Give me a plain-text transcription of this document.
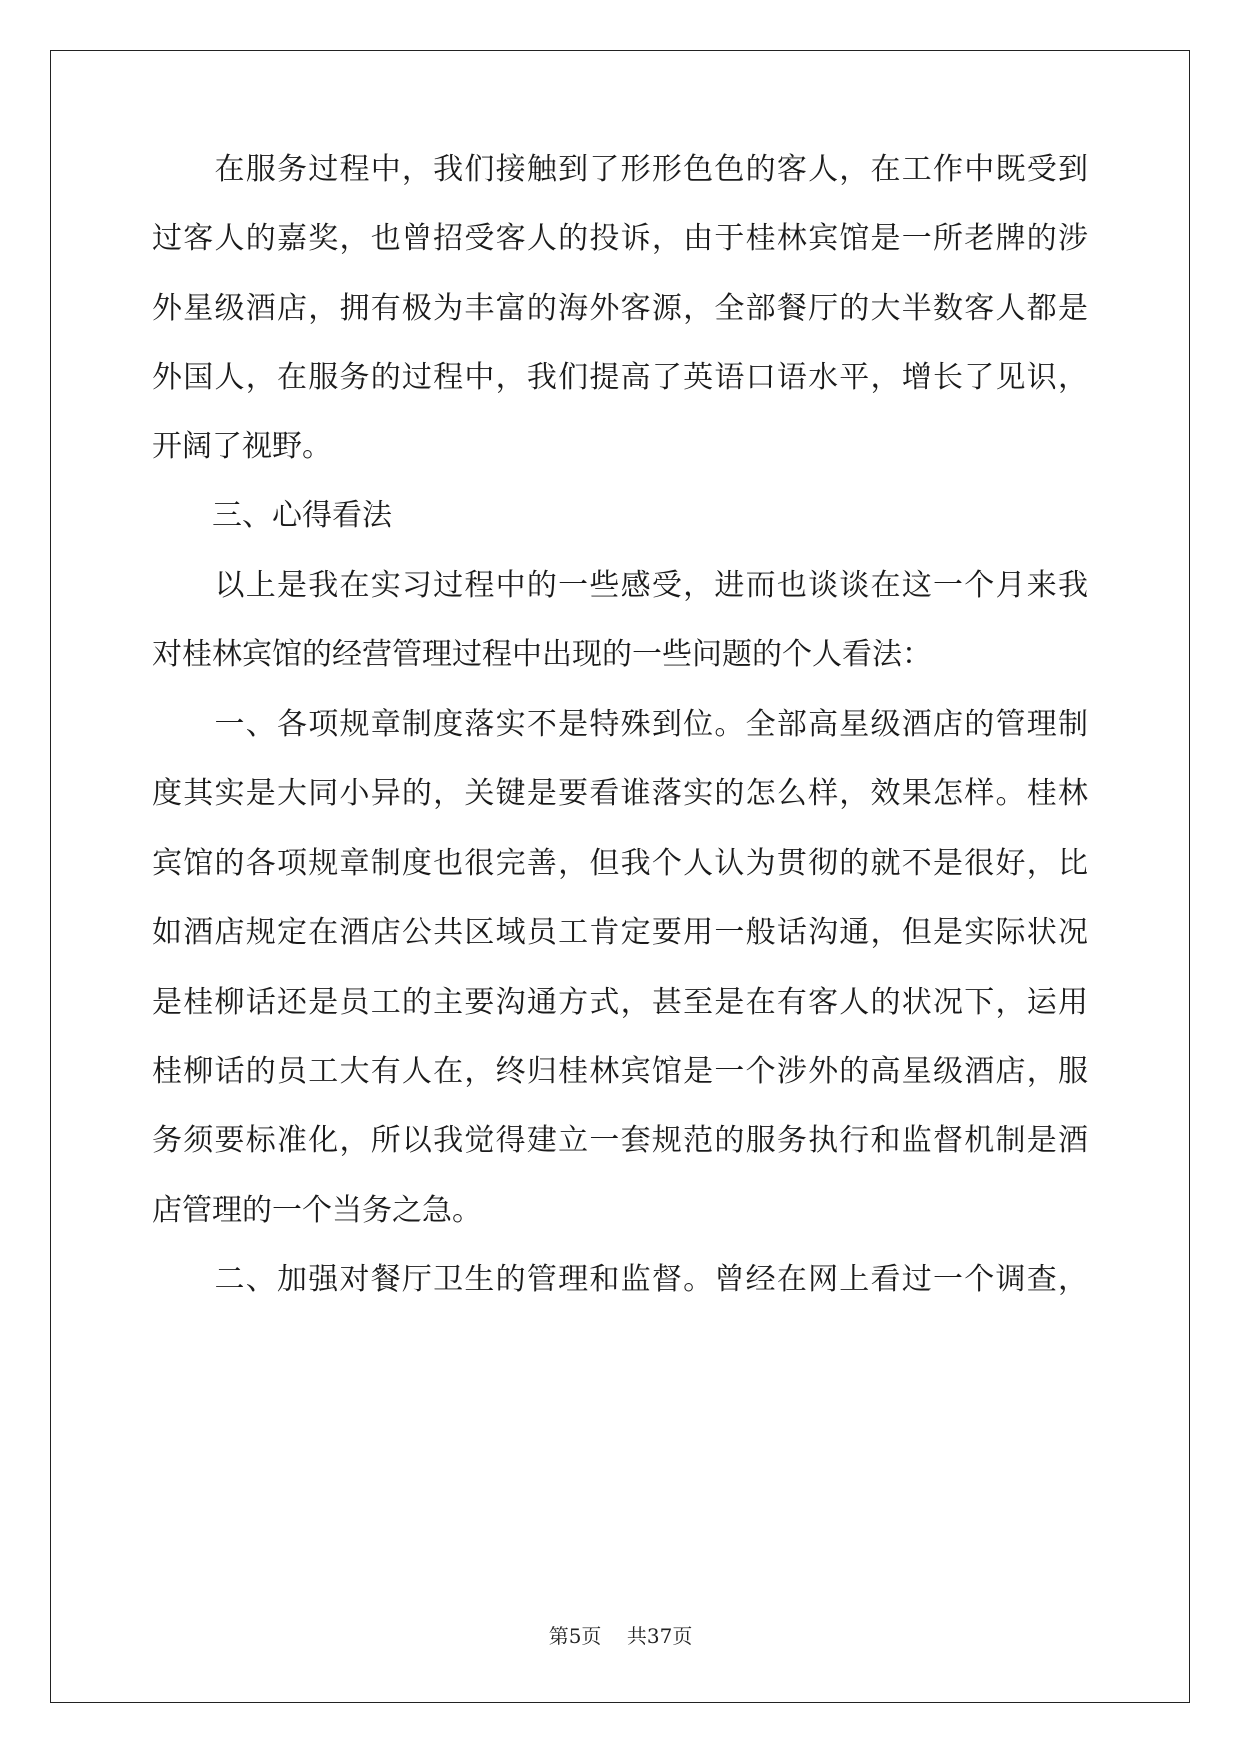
　　在服务过程中，我们接触到了形形色色的客人，在工作中既受到
过客人的嘉奖，也曾招受客人的投诉，由于桂林宾馆是一所老牌的涉
外星级酒店，拥有极为丰富的海外客源，全部餐厅的大半数客人都是
外国人，在服务的过程中，我们提高了英语口语水平，增长了见识，
开阔了视野。
　　三、心得看法
　　以上是我在实习过程中的一些感受，进而也谈谈在这一个月来我
对桂林宾馆的经营管理过程中出现的一些问题的个人看法：
　　一、各项规章制度落实不是特殊到位。全部高星级酒店的管理制
度其实是大同小异的，关键是要看谁落实的怎么样，效果怎样。桂林
宾馆的各项规章制度也很完善，但我个人认为贯彻的就不是很好，比
如酒店规定在酒店公共区域员工肯定要用一般话沟通，但是实际状况
是桂柳话还是员工的主要沟通方式，甚至是在有客人的状况下，运用
桂柳话的员工大有人在，终归桂林宾馆是一个涉外的高星级酒店，服
务须要标准化，所以我觉得建立一套规范的服务执行和监督机制是酒
店管理的一个当务之急。
　　二、加强对餐厅卫生的管理和监督。曾经在网上看过一个调查，
第5页 共37页
